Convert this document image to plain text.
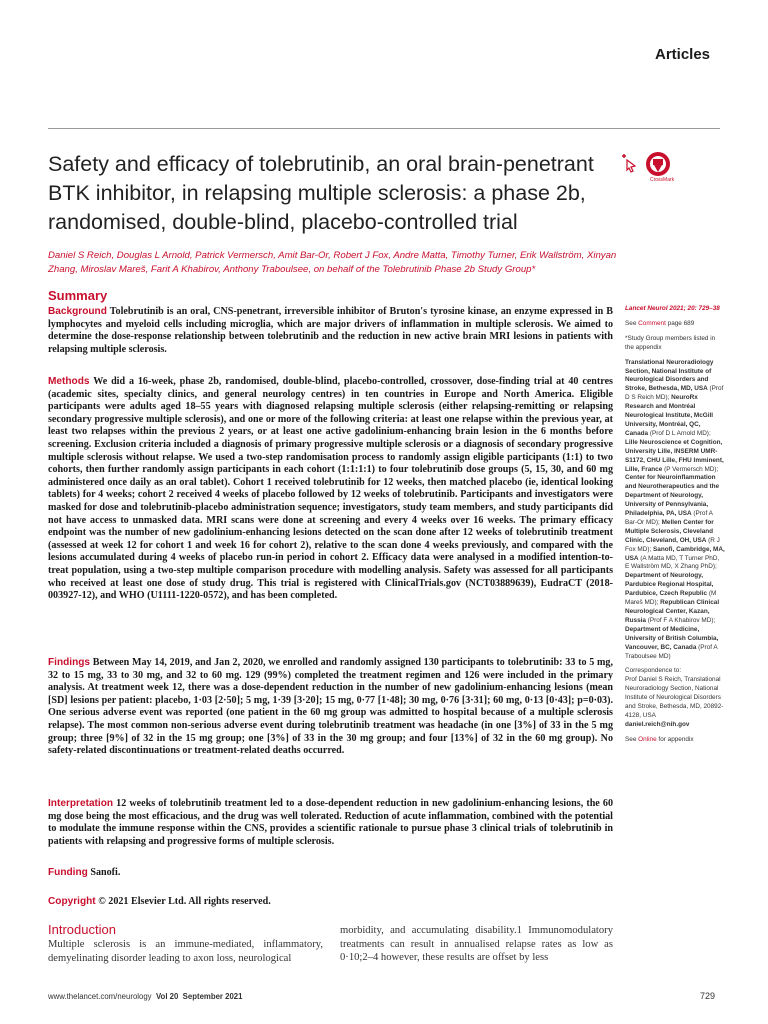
Articles
Safety and efficacy of tolebrutinib, an oral brain-penetrant BTK inhibitor, in relapsing multiple sclerosis: a phase 2b, randomised, double-blind, placebo-controlled trial
CrossMark
Daniel S Reich, Douglas L Arnold, Patrick Vermersch, Amit Bar-Or, Robert J Fox, Andre Matta, Timothy Turner, Erik Wallström, Xinyan Zhang, Miroslav Mareš, Farit A Khabirov, Anthony Traboulsee, on behalf of the Tolebrutinib Phase 2b Study Group*
Summary
Background Tolebrutinib is an oral, CNS-penetrant, irreversible inhibitor of Bruton's tyrosine kinase, an enzyme expressed in B lymphocytes and myeloid cells including microglia, which are major drivers of inflammation in multiple sclerosis. We aimed to determine the dose-response relationship between tolebrutinib and the reduction in new active brain MRI lesions in patients with relapsing multiple sclerosis.
Methods We did a 16-week, phase 2b, randomised, double-blind, placebo-controlled, crossover, dose-finding trial at 40 centres (academic sites, specialty clinics, and general neurology centres) in ten countries in Europe and North America. Eligible participants were adults aged 18–55 years with diagnosed relapsing multiple sclerosis (either relapsing-remitting or relapsing secondary progressive multiple sclerosis), and one or more of the following criteria: at least one relapse within the previous year, at least two relapses within the previous 2 years, or at least one active gadolinium-enhancing brain lesion in the 6 months before screening. Exclusion criteria included a diagnosis of primary progressive multiple sclerosis or a diagnosis of secondary progressive multiple sclerosis without relapse. We used a two-step randomisation process to randomly assign eligible participants (1:1) to two cohorts, then further randomly assign participants in each cohort (1:1:1:1) to four tolebrutinib dose groups (5, 15, 30, and 60 mg administered once daily as an oral tablet). Cohort 1 received tolebrutinib for 12 weeks, then matched placebo (ie, identical looking tablets) for 4 weeks; cohort 2 received 4 weeks of placebo followed by 12 weeks of tolebrutinib. Participants and investigators were masked for dose and tolebrutinib-placebo administration sequence; investigators, study team members, and study participants did not have access to unmasked data. MRI scans were done at screening and every 4 weeks over 16 weeks. The primary efficacy endpoint was the number of new gadolinium-enhancing lesions detected on the scan done after 12 weeks of tolebrutinib treatment (assessed at week 12 for cohort 1 and week 16 for cohort 2), relative to the scan done 4 weeks previously, and compared with the lesions accumulated during 4 weeks of placebo run-in period in cohort 2. Efficacy data were analysed in a modified intention-to-treat population, using a two-step multiple comparison procedure with modelling analysis. Safety was assessed for all participants who received at least one dose of study drug. This trial is registered with ClinicalTrials.gov (NCT03889639), EudraCT (2018-003927-12), and WHO (U1111-1220-0572), and has been completed.
Findings Between May 14, 2019, and Jan 2, 2020, we enrolled and randomly assigned 130 participants to tolebrutinib: 33 to 5 mg, 32 to 15 mg, 33 to 30 mg, and 32 to 60 mg. 129 (99%) completed the treatment regimen and 126 were included in the primary analysis. At treatment week 12, there was a dose-dependent reduction in the number of new gadolinium-enhancing lesions (mean [SD] lesions per patient: placebo, 1·03 [2·50]; 5 mg, 1·39 [3·20]; 15 mg, 0·77 [1·48]; 30 mg, 0·76 [3·31]; 60 mg, 0·13 [0·43]; p=0·03). One serious adverse event was reported (one patient in the 60 mg group was admitted to hospital because of a multiple sclerosis relapse). The most common non-serious adverse event during tolebrutinib treatment was headache (in one [3%] of 33 in the 5 mg group; three [9%] of 32 in the 15 mg group; one [3%] of 33 in the 30 mg group; and four [13%] of 32 in the 60 mg group). No safety-related discontinuations or treatment-related deaths occurred.
Interpretation 12 weeks of tolebrutinib treatment led to a dose-dependent reduction in new gadolinium-enhancing lesions, the 60 mg dose being the most efficacious, and the drug was well tolerated. Reduction of acute inflammation, combined with the potential to modulate the immune response within the CNS, provides a scientific rationale to pursue phase 3 clinical trials of tolebrutinib in patients with relapsing and progressive forms of multiple sclerosis.
Funding Sanofi.
Copyright © 2021 Elsevier Ltd. All rights reserved.
Introduction
Multiple sclerosis is an immune-mediated, inflammatory, demyelinating disorder leading to axon loss, neurological
morbidity, and accumulating disability.1 Immunomodulatory treatments can result in annualised relapse rates as low as 0·10;2–4 however, these results are offset by less
Lancet Neurol 2021; 20: 729–38
See Comment page 689
*Study Group members listed in the appendix
Translational Neuroradiology Section, National Institute of Neurological Disorders and Stroke, Bethesda, MD, USA (Prof D S Reich MD); NeuroRx Research and Montréal Neurological Institute, McGill University, Montréal, QC, Canada (Prof D L Arnold MD); Lille Neuroscience et Cognition, University Lille, INSERM UMR-S1172, CHU Lille, FHU Imminent, Lille, France (P Vermersch MD); Center for Neuroinflammation and Neurotherapeutics and the Department of Neurology, University of Pennsylvania, Philadelphia, PA, USA (Prof A Bar-Or MD); Mellen Center for Multiple Sclerosis, Cleveland Clinic, Cleveland, OH, USA (R J Fox MD); Sanofi, Cambridge, MA, USA (A Matta MD, T Turner PhD, E Wallström MD, X Zhang PhD); Department of Neurology, Pardubice Regional Hospital, Pardubice, Czech Republic (M Mareš MD); Republican Clinical Neurological Center, Kazan, Russia (Prof F A Khabirov MD); Department of Medicine, University of British Columbia, Vancouver, BC, Canada (Prof A Traboulsee MD)
Correspondence to:
Prof Daniel S Reich, Translational Neuroradiology Section, National Institute of Neurological Disorders and Stroke, Bethesda, MD, 20892-4128, USA
daniel.reich@nih.gov
See Online for appendix
www.thelancet.com/neurology Vol 20 September 2021	729
